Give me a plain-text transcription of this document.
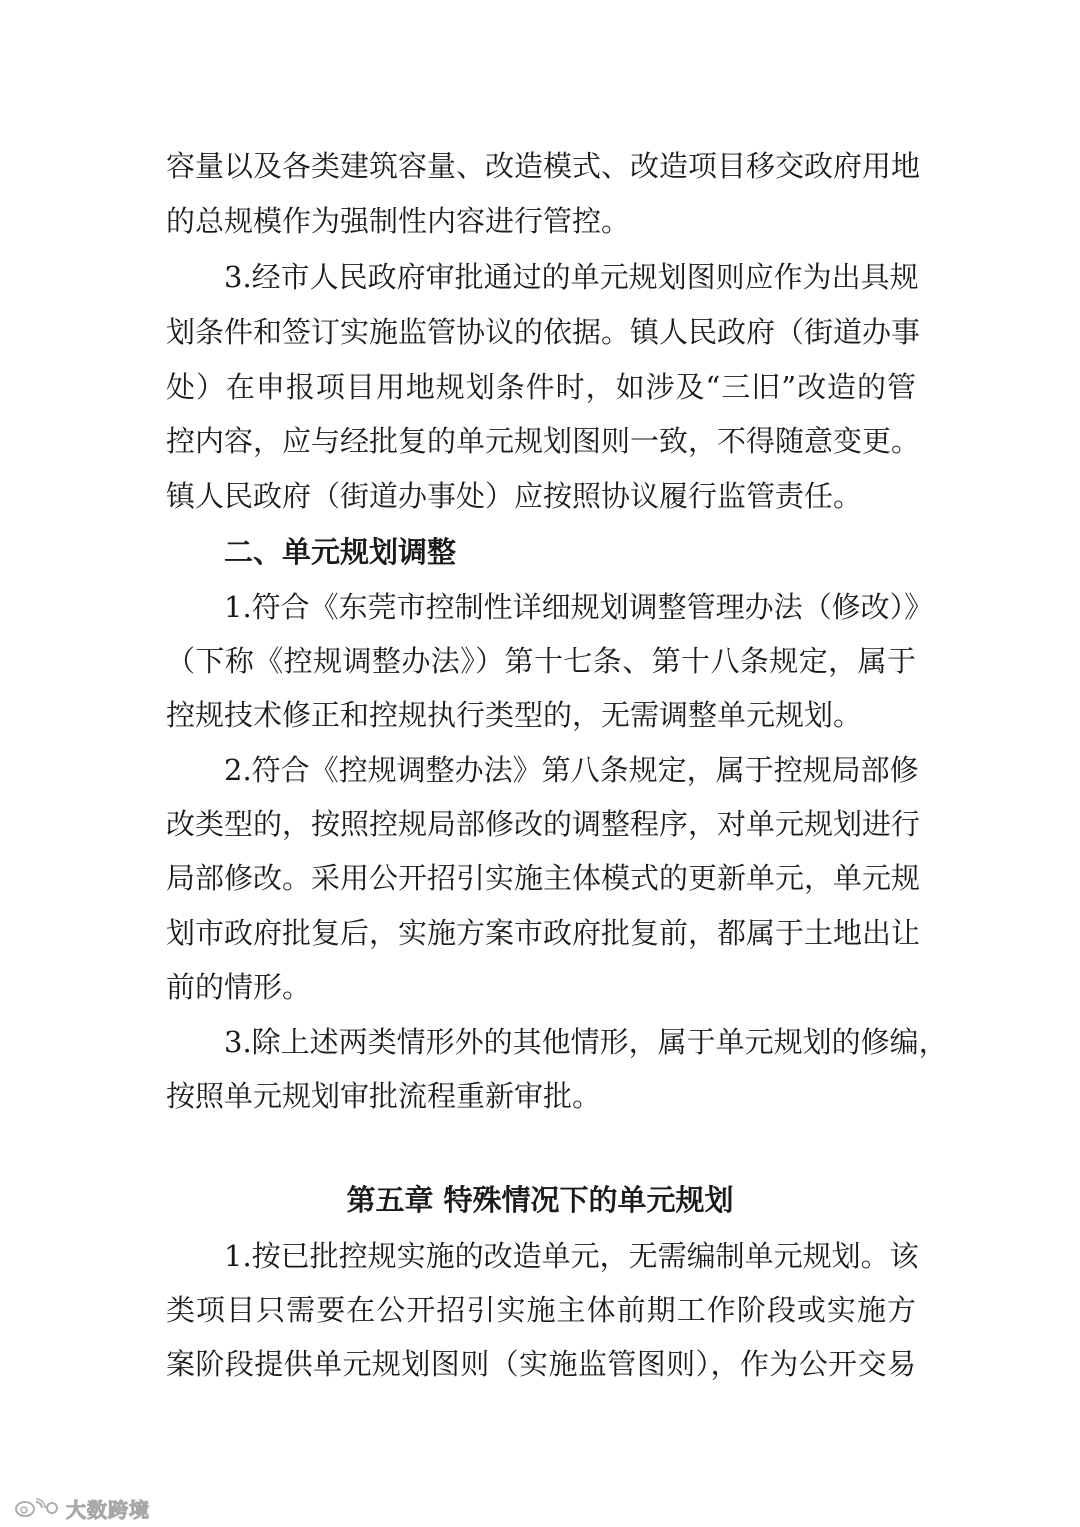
容量以及各类建筑容量、改造模式、改造项目移交政府用地
的总规模作为强制性内容进行管控。
3.经市人民政府审批通过的单元规划图则应作为出具规
划条件和签订实施监管协议的依据。镇人民政府（街道办事
处）在申报项目用地规划条件时，如涉及“三旧”改造的管
控内容，应与经批复的单元规划图则一致，不得随意变更。
镇人民政府（街道办事处）应按照协议履行监管责任。
二、单元规划调整
1.符合《东莞市控制性详细规划调整管理办法（修改）》
（下称《控规调整办法》）第十七条、第十八条规定，属于
控规技术修正和控规执行类型的，无需调整单元规划。
2.符合《控规调整办法》第八条规定，属于控规局部修
改类型的，按照控规局部修改的调整程序，对单元规划进行
局部修改。采用公开招引实施主体模式的更新单元，单元规
划市政府批复后，实施方案市政府批复前，都属于土地出让
前的情形。
3.除上述两类情形外的其他情形，属于单元规划的修编，
按照单元规划审批流程重新审批。
第五章 特殊情况下的单元规划
1.按已批控规实施的改造单元，无需编制单元规划。该
类项目只需要在公开招引实施主体前期工作阶段或实施方
案阶段提供单元规划图则（实施监管图则），作为公开交易
大数跨境
